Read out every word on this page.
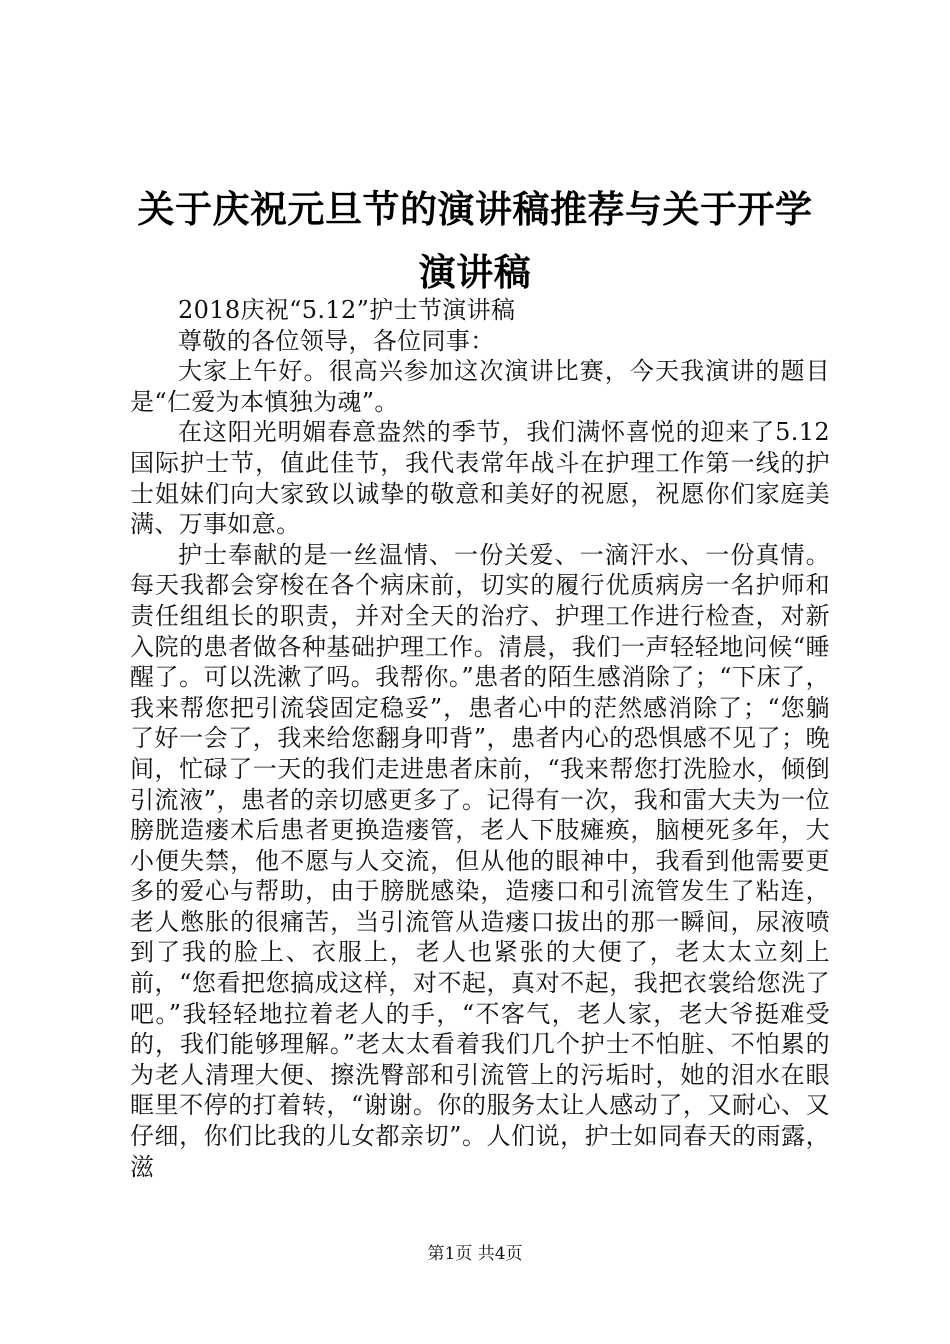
关于庆祝元旦节的演讲稿推荐与关于开学演讲稿

2018庆祝“5.12”护士节演讲稿

尊敬的各位领导，各位同事：

大家上午好。很高兴参加这次演讲比赛，今天我演讲的题目是“仁爱为本慎独为魂”。

在这阳光明媚春意盎然的季节，我们满怀喜悦的迎来了5.12国际护士节，值此佳节，我代表常年战斗在护理工作第一线的护士姐妹们向大家致以诚挚的敬意和美好的祝愿，祝愿你们家庭美满、万事如意。

护士奉献的是一丝温情、一份关爱、一滴汗水、一份真情。每天我都会穿梭在各个病床前，切实的履行优质病房一名护师和责任组组长的职责，并对全天的治疗、护理工作进行检查，对新入院的患者做各种基础护理工作。清晨，我们一声轻轻地问候“睡醒了。可以洗漱了吗。我帮你。”患者的陌生感消除了；“下床了，我来帮您把引流袋固定稳妥”，患者心中的茫然感消除了；“您躺了好一会了，我来给您翻身叩背”，患者内心的恐惧感不见了；晚间，忙碌了一天的我们走进患者床前，“我来帮您打洗脸水，倾倒引流液”，患者的亲切感更多了。记得有一次，我和雷大夫为一位膀胱造瘘术后患者更换造瘘管，老人下肢瘫痪，脑梗死多年，大小便失禁，他不愿与人交流，但从他的眼神中，我看到他需要更多的爱心与帮助，由于膀胱感染，造瘘口和引流管发生了粘连，老人憋胀的很痛苦，当引流管从造瘘口拔出的那一瞬间，尿液喷到了我的脸上、衣服上，老人也紧张的大便了，老太太立刻上前，“您看把您搞成这样，对不起，真对不起，我把衣裳给您洗了吧。”我轻轻地拉着老人的手，“不客气，老人家，老大爷挺难受的，我们能够理解。”老太太看着我们几个护士不怕脏、不怕累的为老人清理大便、擦洗臀部和引流管上的污垢时，她的泪水在眼眶里不停的打着转，“谢谢。你的服务太让人感动了，又耐心、又仔细，你们比我的儿女都亲切”。人们说，护士如同春天的雨露，滋

第1页 共4页
